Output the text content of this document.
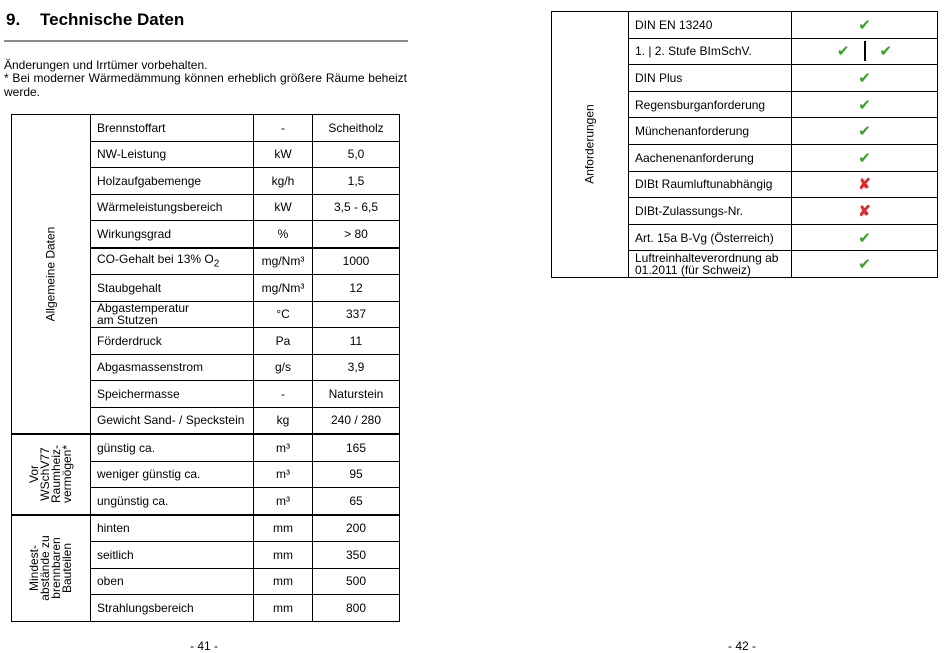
9. Technische Daten
Änderungen und Irrtümer vorbehalten.
* Bei moderner Wärmedämmung können erheblich größere Räume beheizt werde.
Allgemeine Daten	Brennstoffart	-	Scheitholz
	NW-Leistung	kW	5,0
	Holzaufgabemenge	kg/h	1,5
	Wärmeleistungsbereich	kW	3,5 - 6,5
	Wirkungsgrad	%	> 80
	CO-Gehalt bei 13% $O_2$	mg/Nm³	1000
	Staubgehalt	mg/Nm³	12

	Abgastemperatur
am Stutzen	°C	337
	Förderdruck	Pa	11
	Abgasmassenstrom	g/s	3,9
	Speichermasse	-	Naturstein
	Gewicht Sand- / Speckstein	kg	240 / 280

Vor
WSchV77
Raumheiz-
vermögen*	günstig ca.	m³	165
	weniger günstig ca.	m³	95
	ungünstig ca.	m³	65

Mindest-
abstände zu
brennbaren
Bauteilen	hinten	mm	200
	seitlich	mm	350
	oben	mm	500
	Strahlungsbereich	mm	800
Anforderungen	DIN EN 13240	✔
	1. | 2. Stufe BImSchV.	✔ ✔

	DIN Plus	✔
	Regensburganforderung	✔
	Münchenanforderung	✔
	Aachenenanforderung	✔
	DIBt Raumluftunabhängig	✘
	DIBt-Zulassungs-Nr.	✘
	Art. 15a B-Vg (Österreich)	✔

	Luftreinhalteverordnung ab
01.2011 (für Schweiz)	✔
- 41 -	- 42 -
